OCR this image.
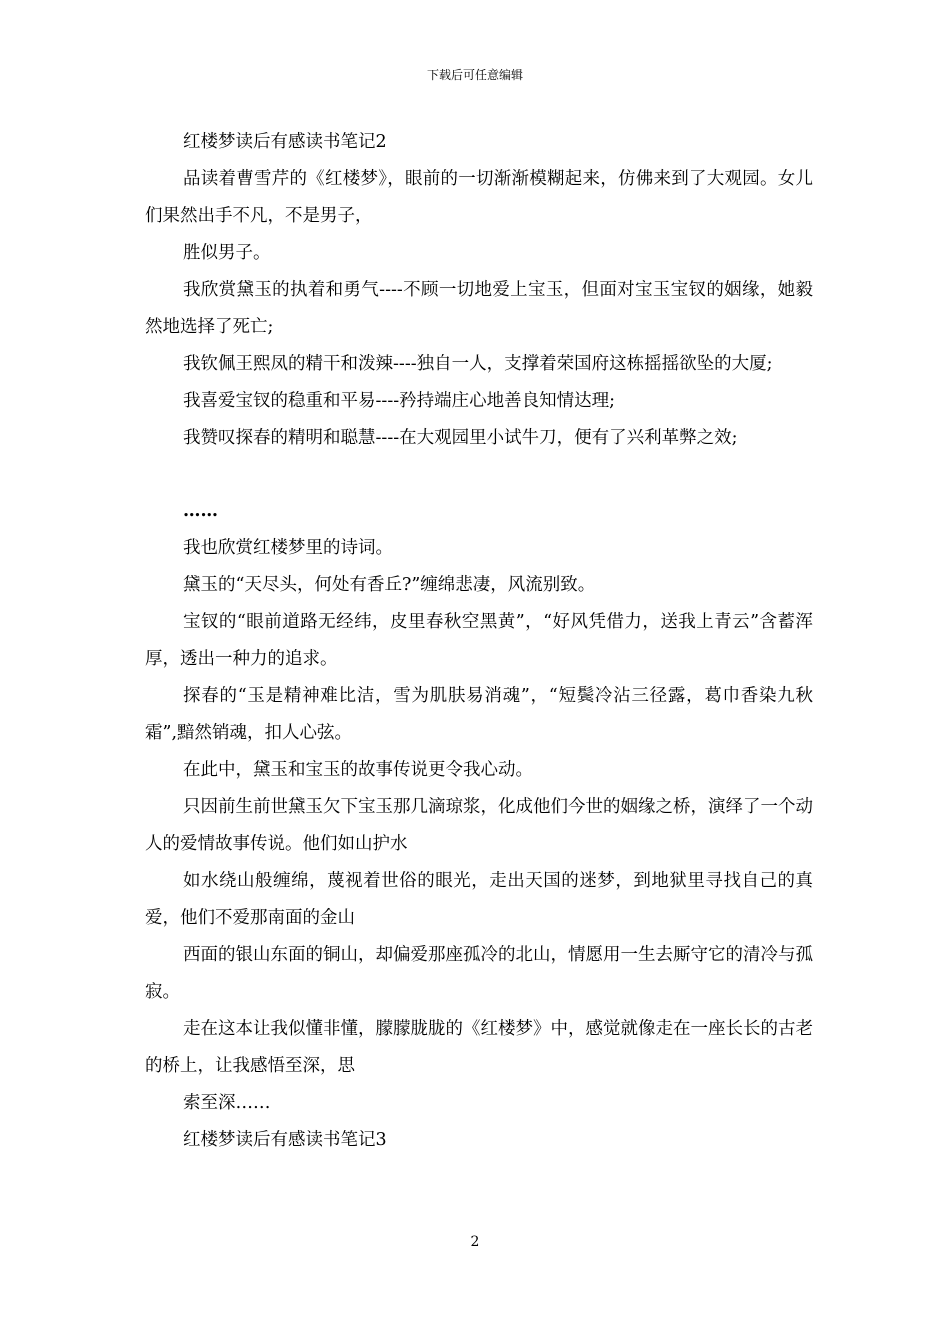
下载后可任意编辑

红楼梦读后有感读书笔记2

品读着曹雪芹的《红楼梦》，眼前的一切渐渐模糊起来，仿佛来到了大观园。女儿们果然出手不凡，不是男子，

胜似男子。

我欣赏黛玉的执着和勇气----不顾一切地爱上宝玉，但面对宝玉宝钗的姻缘，她毅然地选择了死亡;

我钦佩王熙凤的精干和泼辣----独自一人，支撑着荣国府这栋摇摇欲坠的大厦;

我喜爱宝钗的稳重和平易----矜持端庄心地善良知情达理;

我赞叹探春的精明和聪慧----在大观园里小试牛刀，便有了兴利革弊之效;

……

我也欣赏红楼梦里的诗词。

黛玉的“天尽头，何处有香丘?”缠绵悲凄，风流别致。

宝钗的“眼前道路无经纬，皮里春秋空黑黄”，“好风凭借力，送我上青云”含蓄浑厚，透出一种力的追求。

探春的“玉是精神难比洁，雪为肌肤易消魂”，“短鬓冷沾三径露，葛巾香染九秋霜”,黯然销魂，扣人心弦。

在此中，黛玉和宝玉的故事传说更令我心动。

只因前生前世黛玉欠下宝玉那几滴琼浆，化成他们今世的姻缘之桥，演绎了一个动人的爱情故事传说。他们如山护水

如水绕山般缠绵，蔑视着世俗的眼光，走出天国的迷梦，到地狱里寻找自己的真爱，他们不爱那南面的金山

西面的银山东面的铜山，却偏爱那座孤冷的北山，情愿用一生去厮守它的清冷与孤寂。

走在这本让我似懂非懂，朦朦胧胧的《红楼梦》中，感觉就像走在一座长长的古老的桥上，让我感悟至深，思

索至深……

红楼梦读后有感读书笔记3

2
